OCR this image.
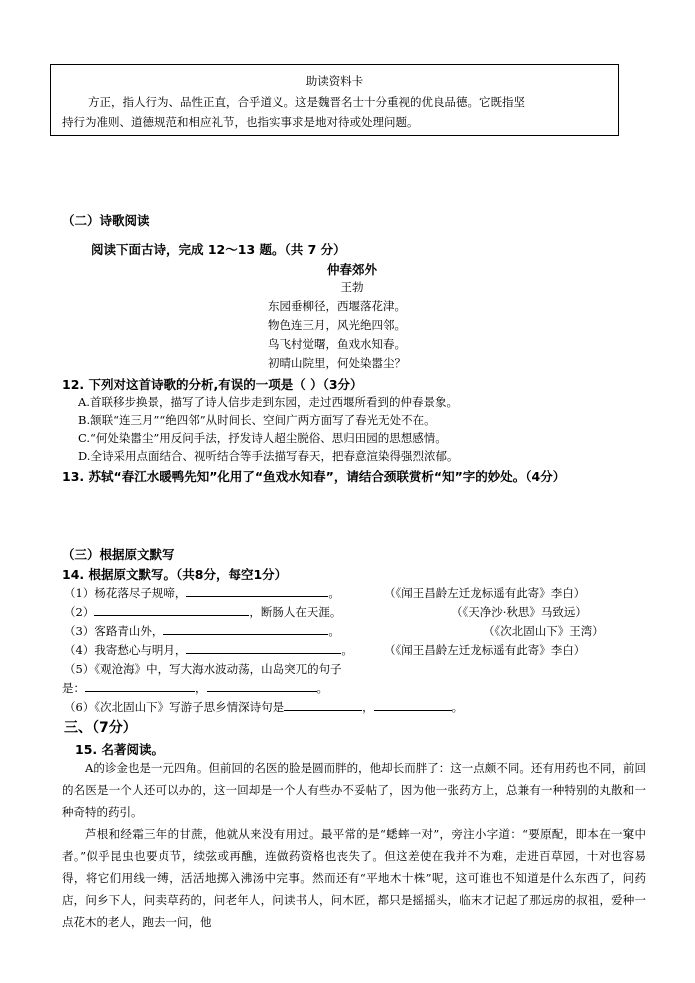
助读资料卡
方正，指人行为、品性正直，合乎道义。这是魏晋名士十分重视的优良品德。它既指坚
持行为准则、道德规范和相应礼节，也指实事求是地对待或处理问题。
（二）诗歌阅读
阅读下面古诗，完成 12～13 题。（共 7 分）
仲春郊外
王勃
东园垂柳径，西堰落花津。
物色连三月，风光绝四邻。
鸟飞村觉曙，鱼戏水知春。
初晴山院里，何处染嚣尘？
12. 下列对这首诗歌的分析,有误的一项是（ ）（3分）
A.首联移步换景，描写了诗人信步走到东园，走过西堰所看到的仲春景象。
B.颔联“连三月”“绝四邻”从时间长、空间广两方面写了春光无处不在。
C.“何处染嚣尘”用反问手法，抒发诗人超尘脱俗、思归田园的思想感情。
D.全诗采用点面结合、视听结合等手法描写春天，把春意渲染得强烈浓郁。
13. 苏轼“春江水暖鸭先知”化用了“鱼戏水知春”，请结合颈联赏析“知”字的妙处。（4分）
（三）根据原文默写
14. 根据原文默写。（共8分，每空1分）
（1）杨花落尽子规啼，	。	（《闻王昌龄左迁龙标遥有此寄》李白）
（2）	，断肠人在天涯。	（《天净沙·秋思》马致远）
（3）客路青山外，	。	（《次北固山下》王湾）
（4）我寄愁心与明月，	。	（《闻王昌龄左迁龙标遥有此寄》李白）
（5）《观沧海》中，写大海水波动荡，山岛突兀的句子
是：	，	。
（6）《次北固山下》写游子思乡情深诗句是	，	。
三、（7分）
15. 名著阅读。
A的诊金也是一元四角。但前回的名医的脸是圆而胖的，他却长而胖了：这一点颇不同。还有用药也不同，前回的名医是一个人还可以办的，这一回却是一个人有些办不妥帖了，因为他一张药方上，总兼有一种特别的丸散和一种奇特的药引。
芦根和经霜三年的甘蔗，他就从来没有用过。最平常的是“蟋蟀一对”，旁注小字道：“要原配，即本在一窠中者。”似乎昆虫也要贞节，续弦或再醮，连做药资格也丧失了。但这差使在我并不为难，走进百草园，十对也容易得，将它们用线一缚，活活地掷入沸汤中完事。然而还有“平地木十株”呢，这可谁也不知道是什么东西了，问药店，问乡下人，问卖草药的，问老年人，问读书人，问木匠，都只是摇摇头，临末才记起了那远房的叔祖，爱种一点花木的老人，跑去一问，他
